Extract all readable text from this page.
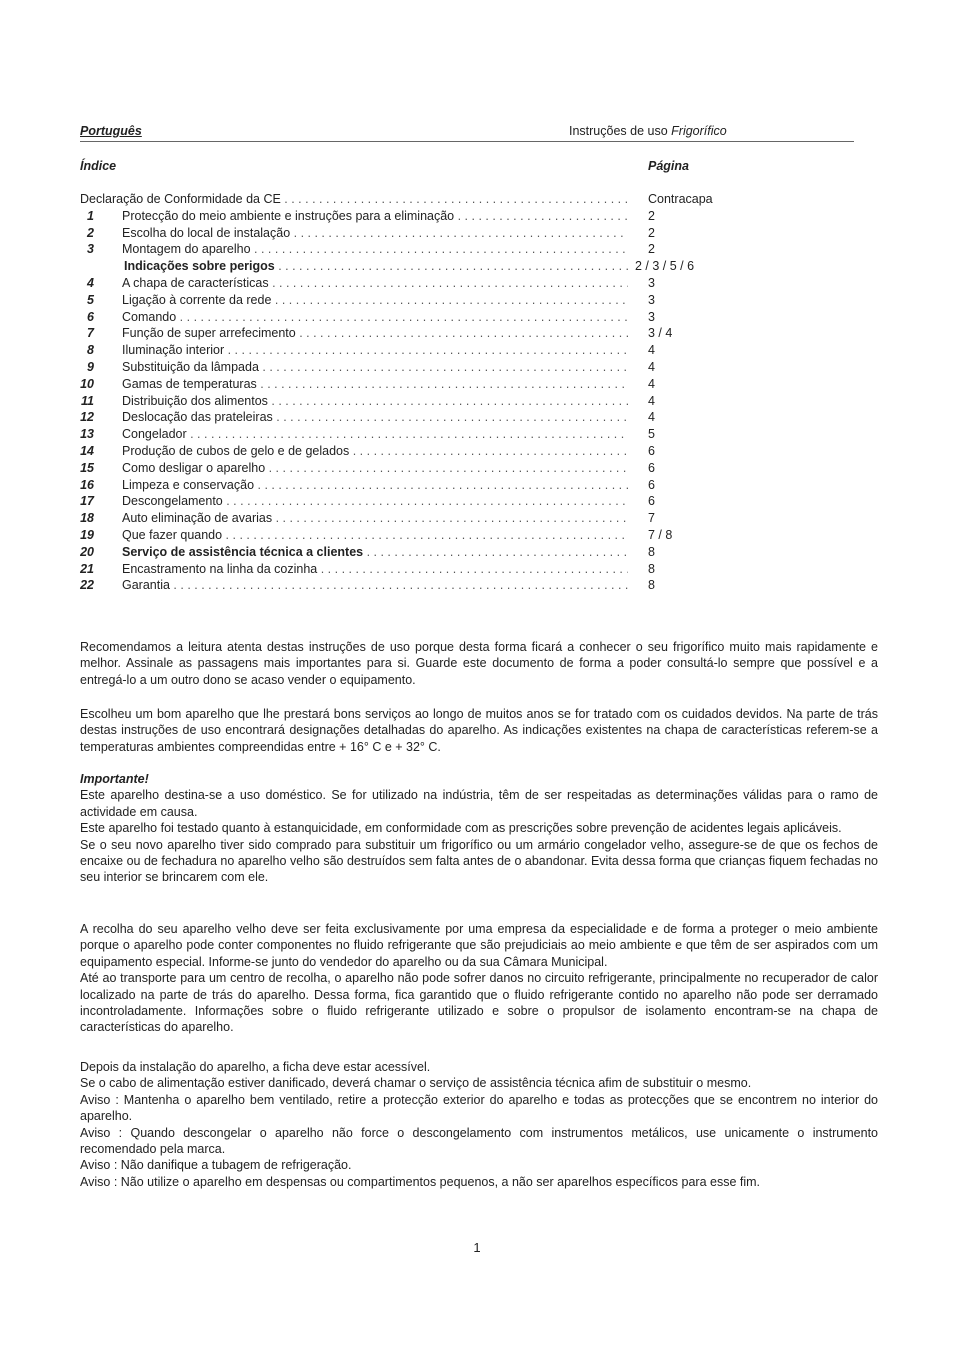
Português	Instruções de uso Frigorífico
Índice	Página
Declaração de Conformidade da CE . . .	Contracapa
1 Protecção do meio ambiente e instruções para a eliminação . . .	2
2 Escolha do local de instalação . . .	2
3 Montagem do aparelho . . .	2
Indicações sobre perigos . . .	2 / 3 / 5 / 6
4 A chapa de características . . .	3
5 Ligação à corrente da rede . . .	3
6 Comando . . .	3
7 Função de super arrefecimento . . .	3 / 4
8 Iluminação interior . . .	4
9 Substituição da lâmpada . . .	4
10 Gamas de temperaturas . . .	4
11 Distribuição dos alimentos . . .	4
12 Deslocação das prateleiras . . .	4
13 Congelador . . .	5
14 Produção de cubos de gelo e de gelados . . .	6
15 Como desligar o aparelho . . .	6
16 Limpeza e conservação . . .	6
17 Descongelamento . . .	6
18 Auto eliminação de avarias . . .	7
19 Que fazer quando . . .	7 / 8
20 Serviço de assistência técnica a clientes . . .	8
21 Encastramento na linha da cozinha . . .	8
22 Garantia . . .	8

Recomendamos a leitura atenta destas instruções de uso porque desta forma ficará a conhecer o seu frigorífico muito mais rapidamente e melhor. Assinale as passagens mais importantes para si. Guarde este documento de forma a poder consultá-lo sempre que possível e a entregá-lo a um outro dono se acaso vender o equipamento.

Escolheu um bom aparelho que lhe prestará bons serviços ao longo de muitos anos se for tratado com os cuidados devidos. Na parte de trás destas instruções de uso encontrará designações detalhadas do aparelho. As indicações existentes na chapa de características referem-se a temperaturas ambientes compreendidas entre + 16° C e + 32° C.

Importante!

Este aparelho destina-se a uso doméstico. Se for utilizado na indústria, têm de ser respeitadas as determinações válidas para o ramo de actividade em causa.

Este aparelho foi testado quanto à estanquicidade, em conformidade com as prescrições sobre prevenção de acidentes legais aplicáveis.

Se o seu novo aparelho tiver sido comprado para substituir um frigorífico ou um armário congelador velho, assegure-se de que os fechos de encaixe ou de fechadura no aparelho velho são destruídos sem falta antes de o abandonar. Evita dessa forma que crianças fiquem fechadas no seu interior se brincarem com ele.

A recolha do seu aparelho velho deve ser feita exclusivamente por uma empresa da especialidade e de forma a proteger o meio ambiente porque o aparelho pode conter componentes no fluido refrigerante que são prejudiciais ao meio ambiente e que têm de ser aspirados com um equipamento especial. Informe-se junto do vendedor do aparelho ou da sua Câmara Municipal.

Até ao transporte para um centro de recolha, o aparelho não pode sofrer danos no circuito refrigerante, principalmente no recuperador de calor localizado na parte de trás do aparelho. Dessa forma, fica garantido que o fluido refrigerante contido no aparelho não pode ser derramado incontroladamente. Informações sobre o fluido refrigerante utilizado e sobre o propulsor de isolamento encontram-se na chapa de características do aparelho.

Depois da instalação do aparelho, a ficha deve estar acessível.

Se o cabo de alimentação estiver danificado, deverá chamar o serviço de assistência técnica afim de substituir o mesmo.

Aviso : Mantenha o aparelho bem ventilado, retire a protecção exterior do aparelho e todas as protecções que se encontrem no interior do aparelho.

Aviso : Quando descongelar o aparelho não force o descongelamento com instrumentos metálicos, use unicamente o instrumento recomendado pela marca.

Aviso : Não danifique a tubagem de refrigeração.

Aviso : Não utilize o aparelho em despensas ou compartimentos pequenos, a não ser aparelhos específicos para esse fim.

1
